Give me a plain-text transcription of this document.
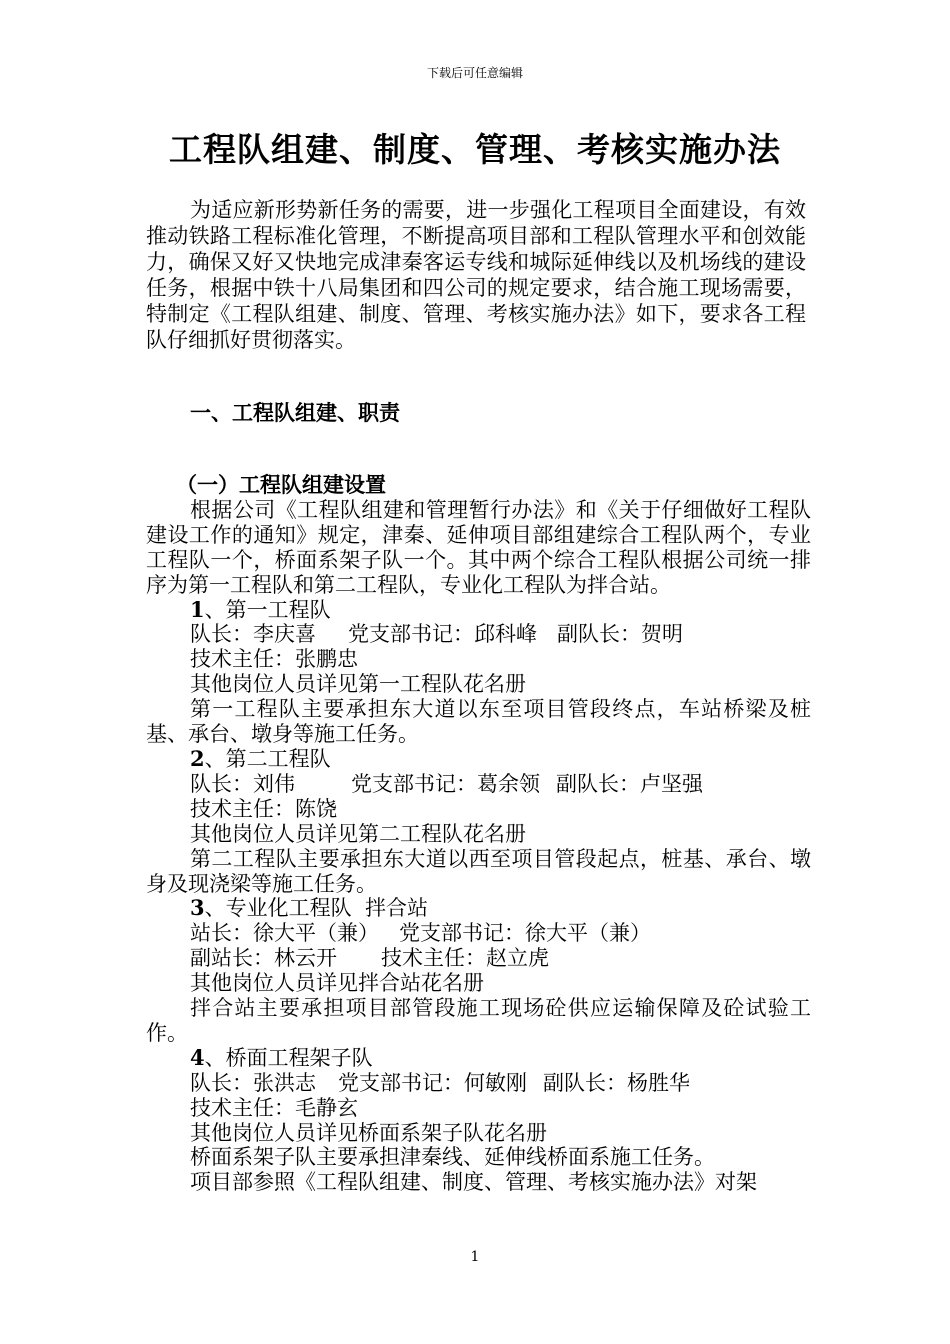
下载后可任意编辑
工程队组建、制度、管理、考核实施办法
为适应新形势新任务的需要，进一步强化工程项目全面建设，有效推动铁路工程标准化管理，不断提高项目部和工程队管理水平和创效能力，确保又好又快地完成津秦客运专线和城际延伸线以及机场线的建设任务，根据中铁十八局集团和四公司的规定要求，结合施工现场需要，特制定《工程队组建、制度、管理、考核实施办法》如下，要求各工程队仔细抓好贯彻落实。
一、工程队组建、职责

（一）工程队组建设置

根据公司《工程队组建和管理暂行办法》和《关于仔细做好工程队建设工作的通知》规定，津秦、延伸项目部组建综合工程队两个，专业工程队一个，桥面系架子队一个。其中两个综合工程队根据公司统一排序为第一工程队和第二工程队，专业化工程队为拌合站。

1、第一工程队

队长：李庆喜 党支部书记：邱科峰 副队长：贺明

技术主任：张鹏忠

其他岗位人员详见第一工程队花名册

第一工程队主要承担东大道以东至项目管段终点，车站桥梁及桩基、承台、墩身等施工任务。

2、第二工程队

队长：刘伟	党支部书记：葛余领 副队长：卢坚强

技术主任：陈饶

其他岗位人员详见第二工程队花名册

第二工程队主要承担东大道以西至项目管段起点，桩基、承台、墩身及现浇梁等施工任务。

3、专业化工程队  拌合站

站长：徐大平（兼） 党支部书记：徐大平（兼）

副站长：林云开 技术主任：赵立虎

其他岗位人员详见拌合站花名册

拌合站主要承担项目部管段施工现场砼供应运输保障及砼试验工作。

4、桥面工程架子队

队长：张洪志 党支部书记：何敏刚 副队长：杨胜华

技术主任：毛静玄

其他岗位人员详见桥面系架子队花名册

桥面系架子队主要承担津秦线、延伸线桥面系施工任务。

项目部参照《工程队组建、制度、管理、考核实施办法》对架

1
